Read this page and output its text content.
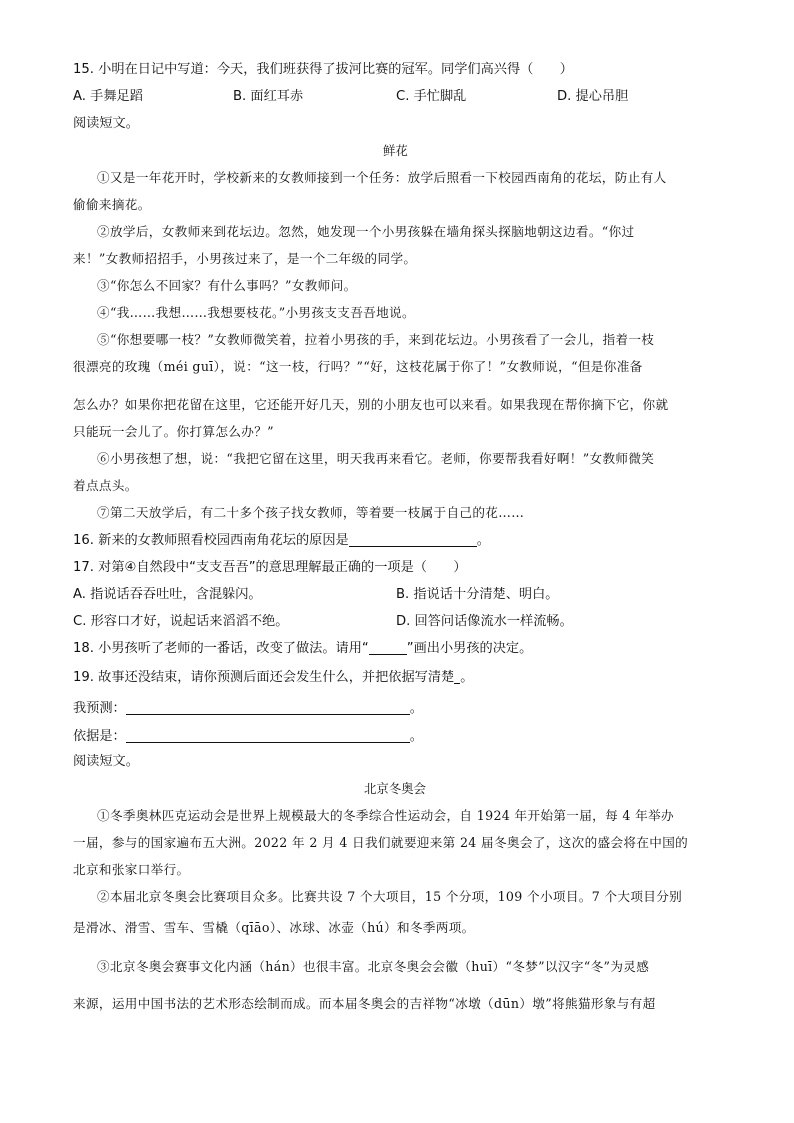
15. 小明在日记中写道：今天，我们班获得了拔河比赛的冠军。同学们高兴得（　　）
A. 手舞足蹈	B. 面红耳赤	C. 手忙脚乱	D. 提心吊胆
阅读短文。
鲜花
①又是一年花开时，学校新来的女教师接到一个任务：放学后照看一下校园西南角的花坛，防止有人
偷偷来摘花。
②放学后，女教师来到花坛边。忽然，她发现一个小男孩躲在墙角探头探脑地朝这边看。“你过
来！”女教师招招手，小男孩过来了，是一个二年级的同学。
③“你怎么不回家？有什么事吗？”女教师问。
④“我……我想……我想要枝花。”小男孩支支吾吾地说。
⑤“你想要哪一枝？”女教师微笑着，拉着小男孩的手，来到花坛边。小男孩看了一会儿，指着一枝
很漂亮的玫瑰（méi guī），说：“这一枝，行吗？”“好，这枝花属于你了！”女教师说，“但是你准备
怎么办？如果你把花留在这里，它还能开好几天，别的小朋友也可以来看。如果我现在帮你摘下它，你就
只能玩一会儿了。你打算怎么办？”
⑥小男孩想了想，说：“我把它留在这里，明天我再来看它。老师，你要帮我看好啊！”女教师微笑
着点点头。
⑦第二天放学后，有二十多个孩子找女教师，等着要一枝属于自己的花……
16. 新来的女教师照看校园西南角花坛的原因是	。
17. 对第④自然段中“支支吾吾”的意思理解最正确的一项是（　　）
A. 指说话吞吞吐吐，含混躲闪。	B. 指说话十分清楚、明白。
C. 形容口才好，说起话来滔滔不绝。	D. 回答问话像流水一样流畅。
18. 小男孩听了老师的一番话，改变了做法。请用“	”画出小男孩的决定。
19. 故事还没结束，请你预测后面还会发生什么，并把依据写清楚 。
我预测：	。
依据是：	。
阅读短文。
北京冬奥会
①冬季奥林匹克运动会是世界上规模最大的冬季综合性运动会，自 1924 年开始第一届，每 4 年举办
一届，参与的国家遍布五大洲。2022 年 2 月 4 日我们就要迎来第 24 届冬奥会了，这次的盛会将在中国的
北京和张家口举行。
②本届北京冬奥会比赛项目众多。比赛共设 7 个大项目，15 个分项，109 个小项目。7 个大项目分别
是滑冰、滑雪、雪车、雪橇（qīāo）、冰球、冰壶（hú）和冬季两项。
③北京冬奥会赛事文化内涵（hán）也很丰富。北京冬奥会会徽（huī）“冬梦”以汉字“冬”为灵感
来源，运用中国书法的艺术形态绘制而成。而本届冬奥会的吉祥物“冰墩（dūn）墩”将熊猫形象与有超
